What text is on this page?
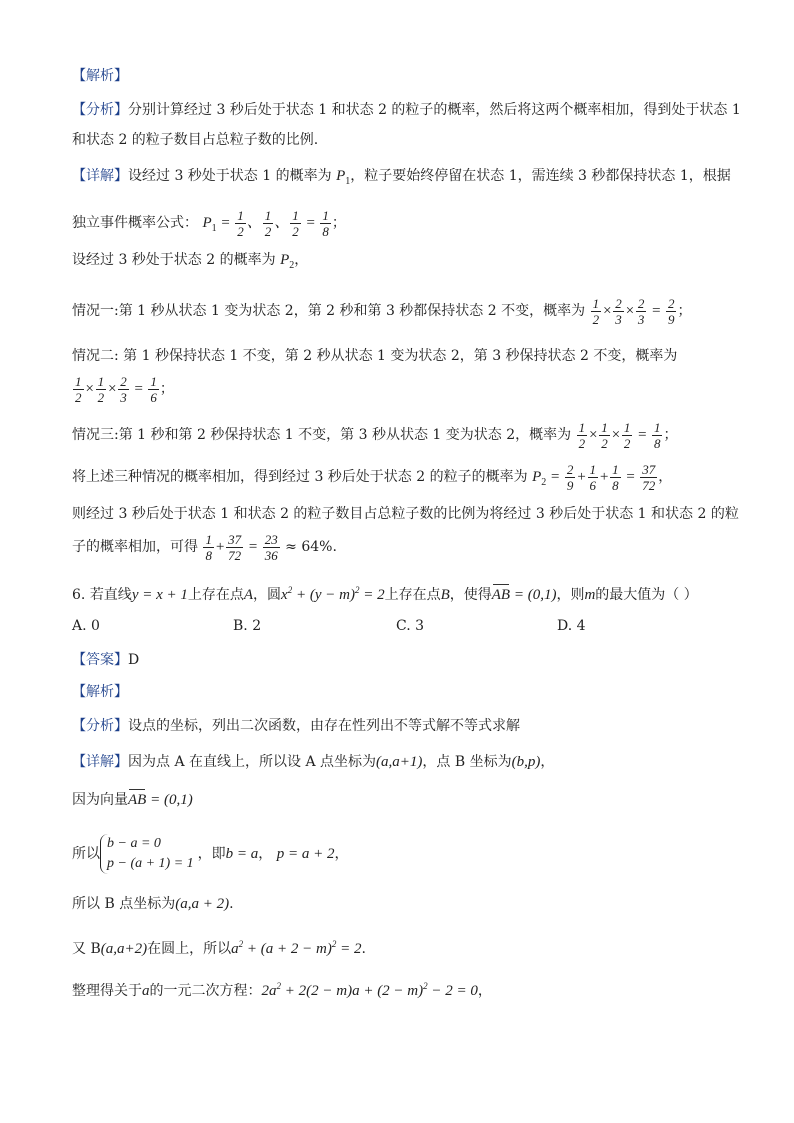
【解析】
【分析】分别计算经过 3 秒后处于状态 1 和状态 2 的粒子的概率，然后将这两个概率相加，得到处于状态 1
和状态 2 的粒子数目占总粒子数的比例.
【详解】设经过 3 秒处于状态 1 的概率为 $P_1$，粒子要始终停留在状态 1，需连续 3 秒都保持状态 1，根据
独立事件概率公式： $P_1 = \frac{1}{2}$ 、 $\frac{1}{2}$ 、 $\frac{1}{2} = \frac{1}{8}$ ；
设经过 3 秒处于状态 2 的概率为 $P_2$，
情况一:第 1 秒从状态 1 变为状态 2，第 2 秒和第 3 秒都保持状态 2 不变，概率为 $\frac{1}{2} \times \frac{2}{3} \times \frac{2}{3} = \frac{2}{9}$ ；
情况二: 第 1 秒保持状态 1 不变，第 2 秒从状态 1 变为状态 2，第 3 秒保持状态 2 不变，概率为
$\frac{1}{2} \times \frac{1}{2} \times \frac{2}{3} = \frac{1}{6}$ ；
情况三:第 1 秒和第 2 秒保持状态 1 不变，第 3 秒从状态 1 变为状态 2，概率为 $\frac{1}{2} \times \frac{1}{2} \times \frac{1}{2} = \frac{1}{8}$ ；
将上述三种情况的概率相加，得到经过 3 秒后处于状态 2 的粒子的概率为 $P_2 = \frac{2}{9} + \frac{1}{6} + \frac{1}{8} = \frac{37}{72}$ ，
则经过 3 秒后处于状态 1 和状态 2 的粒子数目占总粒子数的比例为将经过 3 秒后处于状态 1 和状态 2 的粒
子的概率相加，可得 $\frac{1}{8} + \frac{37}{72} = \frac{23}{36} \approx 64\%$.
6. 若直线y = x + 1上存在点A，圆$x^2 + (y - m)^2 = 2$上存在点B，使得AB = (0,1)，则m的最大值为（ ）
A. 0	B. 2	C. 3	D. 4
【答案】D
【解析】
【分析】设点的坐标，列出二次函数，由存在性列出不等式解不等式求解
【详解】因为点 A 在直线上，所以设 A 点坐标为(a,a+1)，点 B 坐标为(b,p)，
因为向量AB = (0,1)
所以b − a = 0
p − (a + 1) = 1，即b = a， p = a + 2，
所以 B 点坐标为(a,a + 2).
又 B(a,a+2)在圆上，所以$a^2 + (a + 2 - m)^2 = 2$.
整理得关于a的一元二次方程：$2a^2 + 2(2 - m)a + (2 - m)^2 - 2 = 0$，
